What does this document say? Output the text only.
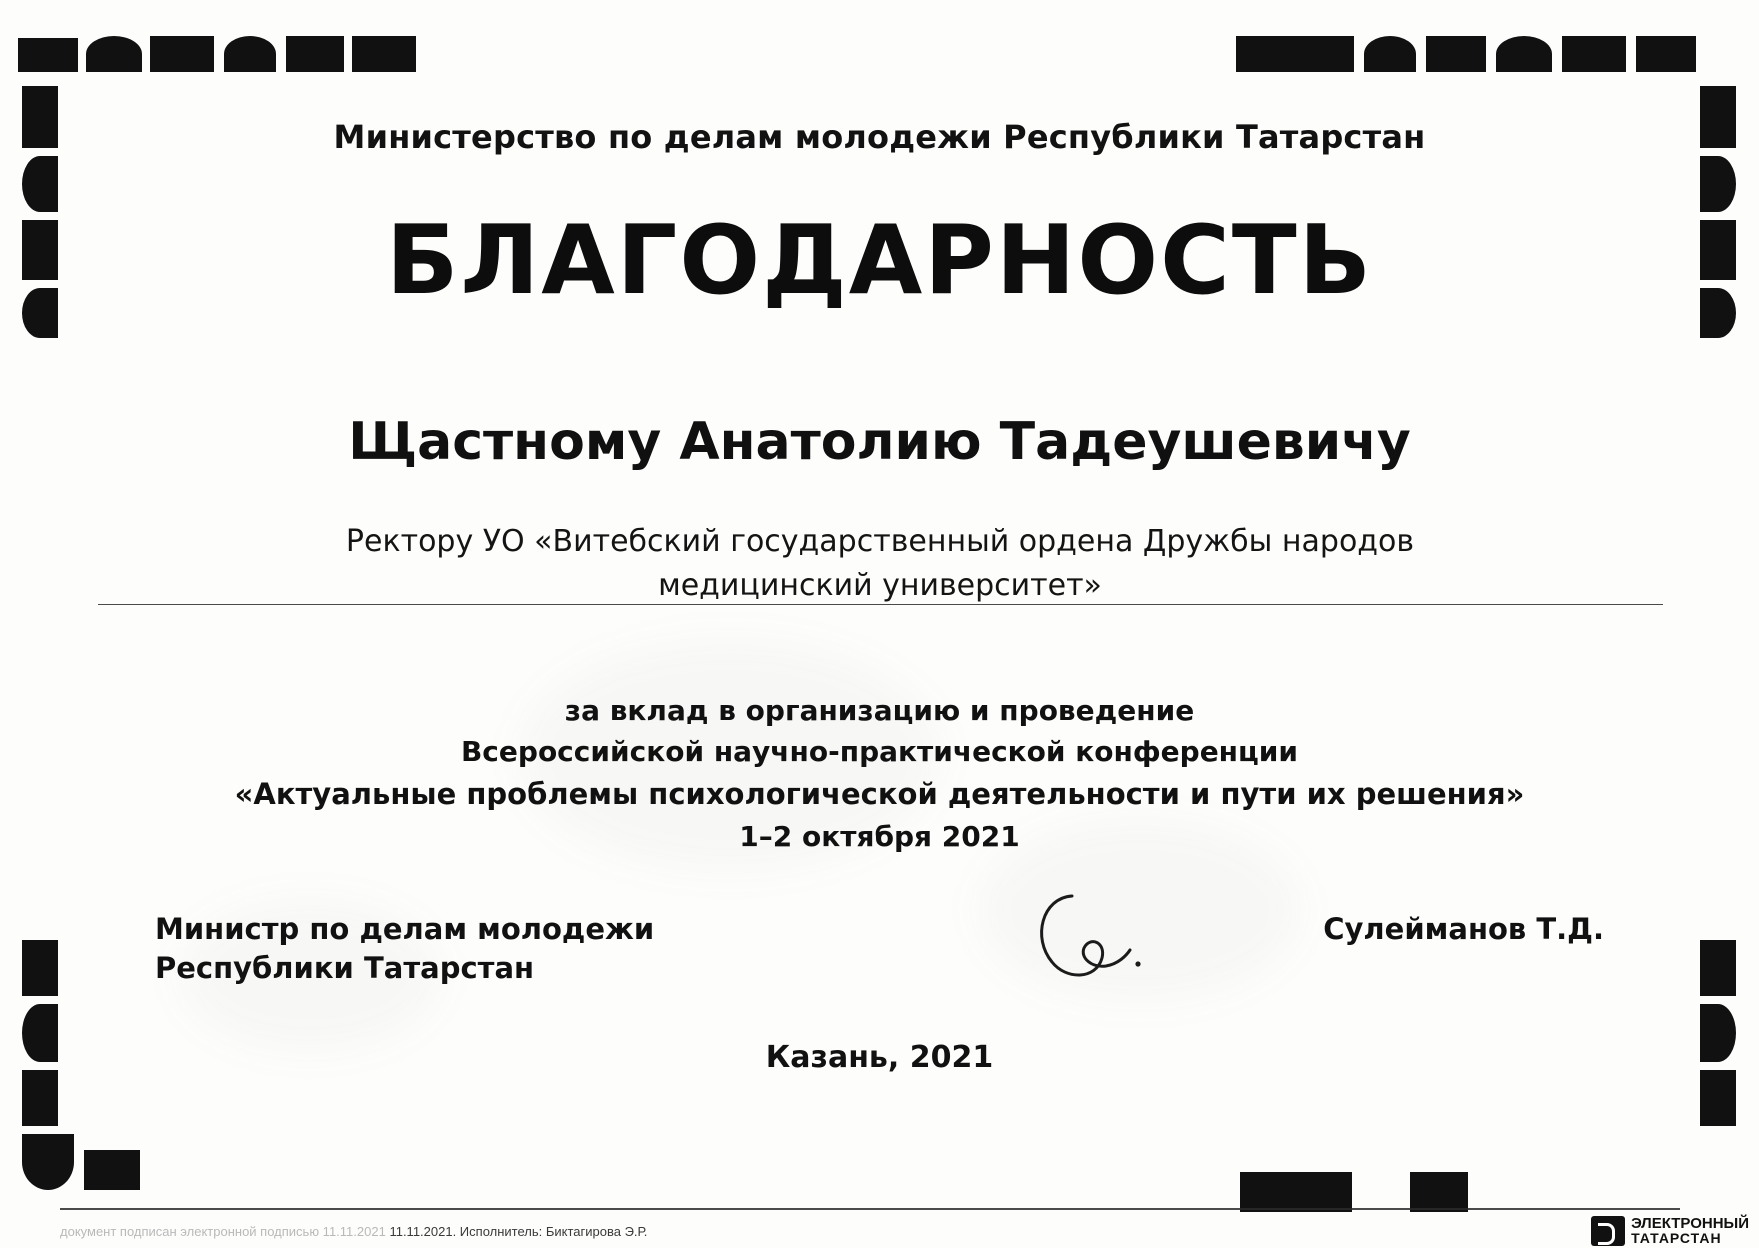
Министерство по делам молодежи Республики Татарстан
БЛАГОДАРНОСТЬ
Щастному Анатолию Тадеушевичу
Ректору УО «Витебский государственный ордена Дружбы народов
медицинский университет»
за вклад в организацию и проведение
Всероссийской научно-практической конференции
«Актуальные проблемы психологической деятельности и пути их решения»
1–2 октября 2021
Министр по делам молодежи
Республики Татарстан
Сулейманов Т.Д.
Казань, 2021
документ подписан электронной подписью 11.11.2021 11.11.2021. Исполнитель: Биктагирова Э.Р.	ЭЛЕКТРОННЫЙ
ТАТАРСТАН
